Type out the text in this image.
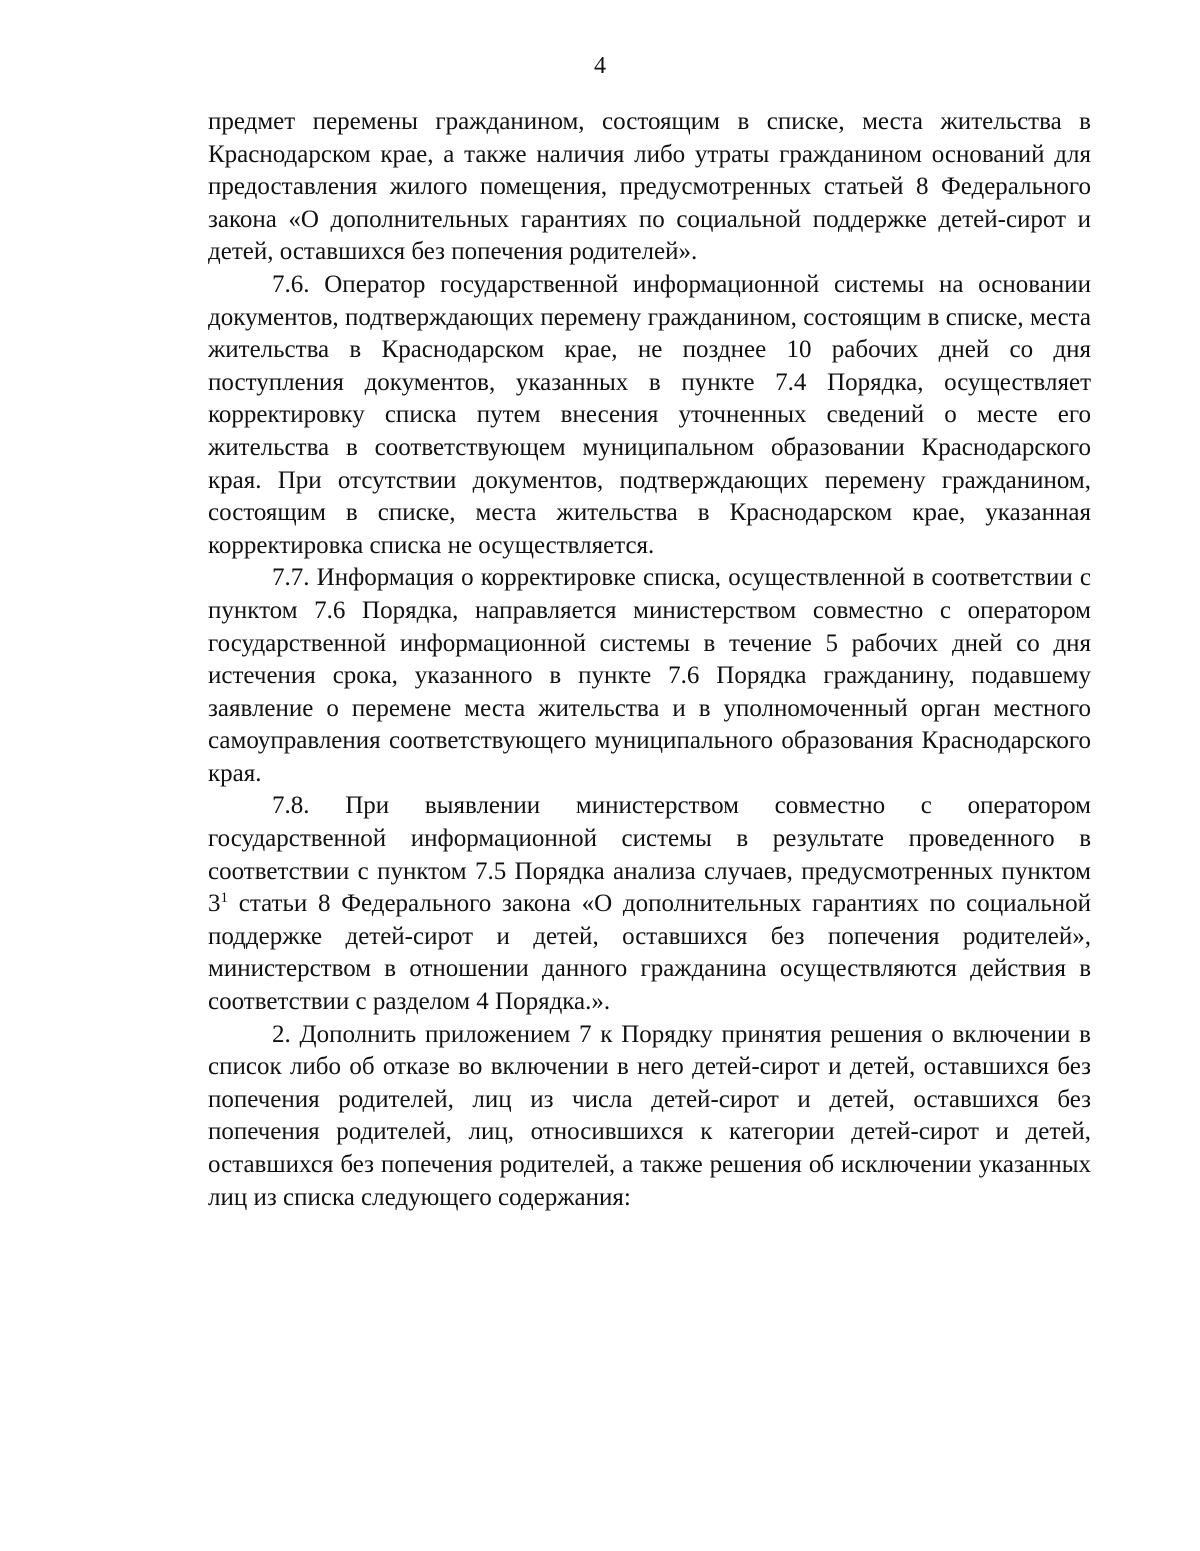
4

предмет перемены гражданином, состоящим в списке, места жительства в Краснодарском крае, а также наличия либо утраты гражданином оснований для предоставления жилого помещения, предусмотренных статьей 8 Федерального закона «О дополнительных гарантиях по социальной поддержке детей-сирот и детей, оставшихся без попечения родителей».

7.6. Оператор государственной информационной системы на основании документов, подтверждающих перемену гражданином, состоящим в списке, места жительства в Краснодарском крае, не позднее 10 рабочих дней со дня поступления документов, указанных в пункте 7.4 Порядка, осуществляет корректировку списка путем внесения уточненных сведений о месте его жительства в соответствующем муниципальном образовании Краснодарского края. При отсутствии документов, подтверждающих перемену гражданином, состоящим в списке, места жительства в Краснодарском крае, указанная корректировка списка не осуществляется.

7.7. Информация о корректировке списка, осуществленной в соответствии с пунктом 7.6 Порядка, направляется министерством совместно с оператором государственной информационной системы в течение 5 рабочих дней со дня истечения срока, указанного в пункте 7.6 Порядка гражданину, подавшему заявление о перемене места жительства и в уполномоченный орган местного самоуправления соответствующего муниципального образования Краснодарского края.

7.8. При выявлении министерством совместно с оператором государственной информационной системы в результате проведенного в соответствии с пунктом 7.5 Порядка анализа случаев, предусмотренных пунктом $3^1$ статьи 8 Федерального закона «О дополнительных гарантиях по социальной поддержке детей-сирот и детей, оставшихся без попечения родителей», министерством в отношении данного гражданина осуществляются действия в соответствии с разделом 4 Порядка.».

2. Дополнить приложением 7 к Порядку принятия решения о включении в список либо об отказе во включении в него детей-сирот и детей, оставшихся без попечения родителей, лиц из числа детей-сирот и детей, оставшихся без попечения родителей, лиц, относившихся к категории детей-сирот и детей, оставшихся без попечения родителей, а также решения об исключении указанных лиц из списка следующего содержания:
